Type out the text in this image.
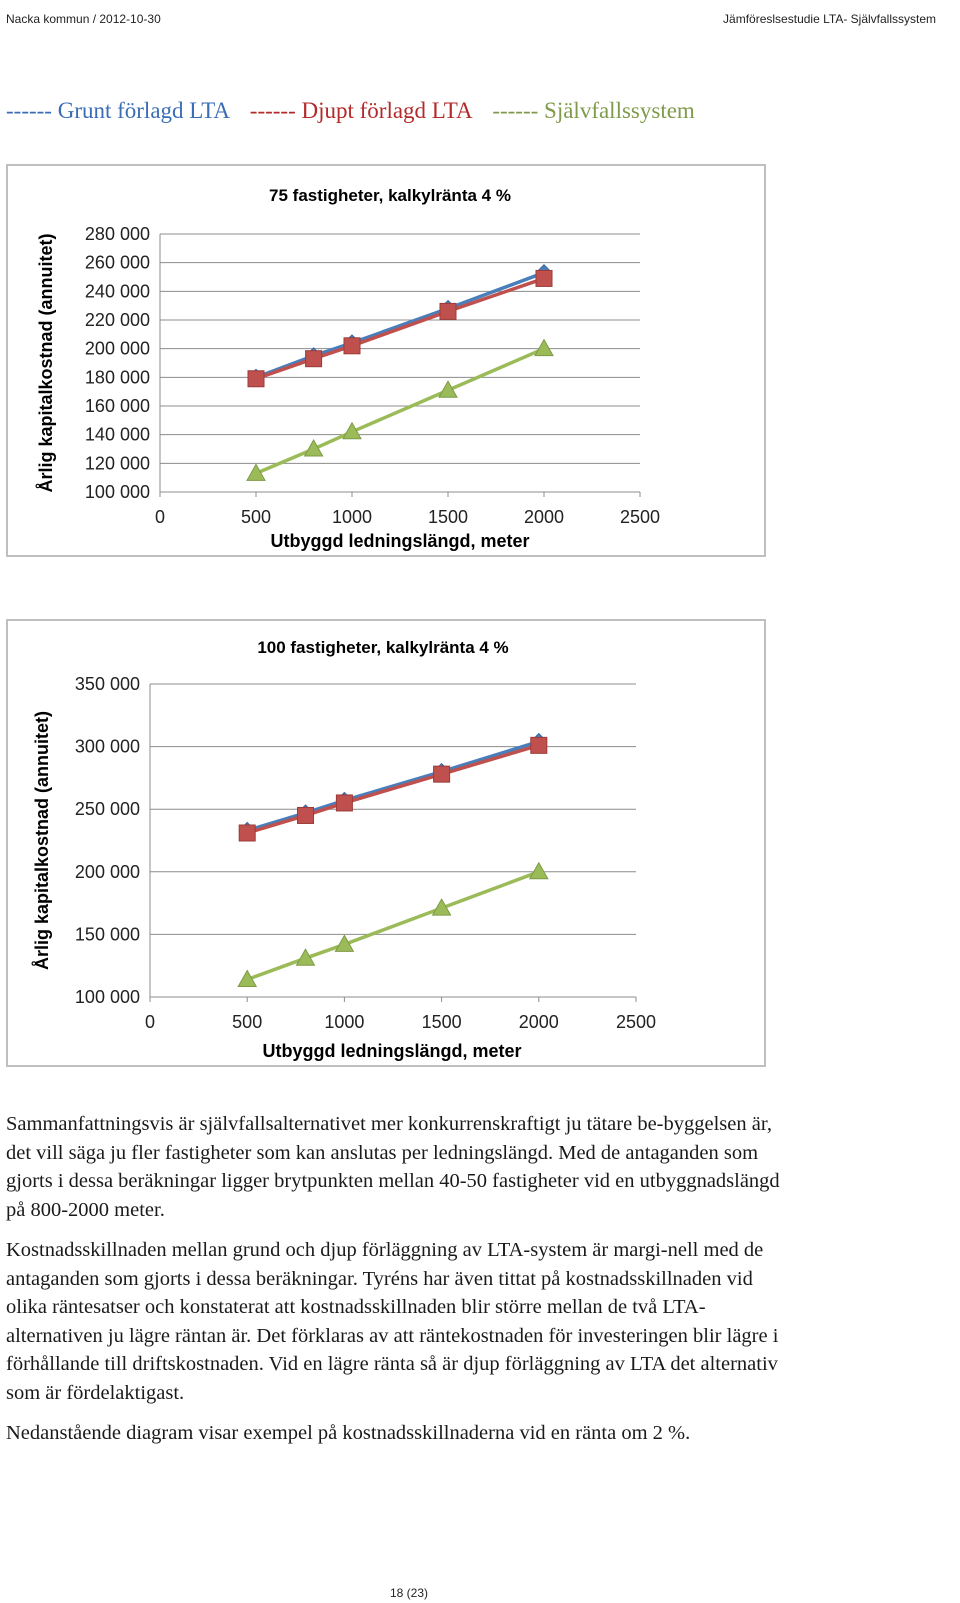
Nacka kommun / 2012-10-30	Jämföreslsestudie LTA- Självfallssystem
------ Grunt förlagd LTA ------ Djupt förlagd LTA ------ Självfallssystem
75 fastigheter, kalkylränta 4 %
100 000
120 000
140 000
160 000
180 000
200 000
220 000
240 000
260 000
280 000
0	500	1000	1500	2000	2500
Utbyggd ledningslängd, meter
Årlig kapitalkostnad (annuitet)
100 fastigheter, kalkylränta 4 %
100 000
150 000
200 000
250 000
300 000
350 000
0	500	1000	1500	2000	2500
Utbyggd ledningslängd, meter
Årlig kapitalkostnad (annuitet)

Sammanfattningsvis är självfallsalternativet mer konkurrenskraftigt ju tätare be-byggelsen är, det vill säga ju fler fastigheter som kan anslutas per ledningslängd. Med de antaganden som gjorts i dessa beräkningar ligger brytpunkten mellan 40-50 fastigheter vid en utbyggnadslängd på 800-2000 meter.

Kostnadsskillnaden mellan grund och djup förläggning av LTA-system är margi-nell med de antaganden som gjorts i dessa beräkningar. Tyréns har även tittat på kostnadsskillnaden vid olika räntesatser och konstaterat att kostnadsskillnaden blir större mellan de två LTA-alternativen ju lägre räntan är. Det förklaras av att räntekostnaden för investeringen blir lägre i förhållande till driftskostnaden. Vid en lägre ränta så är djup förläggning av LTA det alternativ som är fördelaktigast.

Nedanstående diagram visar exempel på kostnadsskillnaderna vid en ränta om 2 %.

18 (23)
